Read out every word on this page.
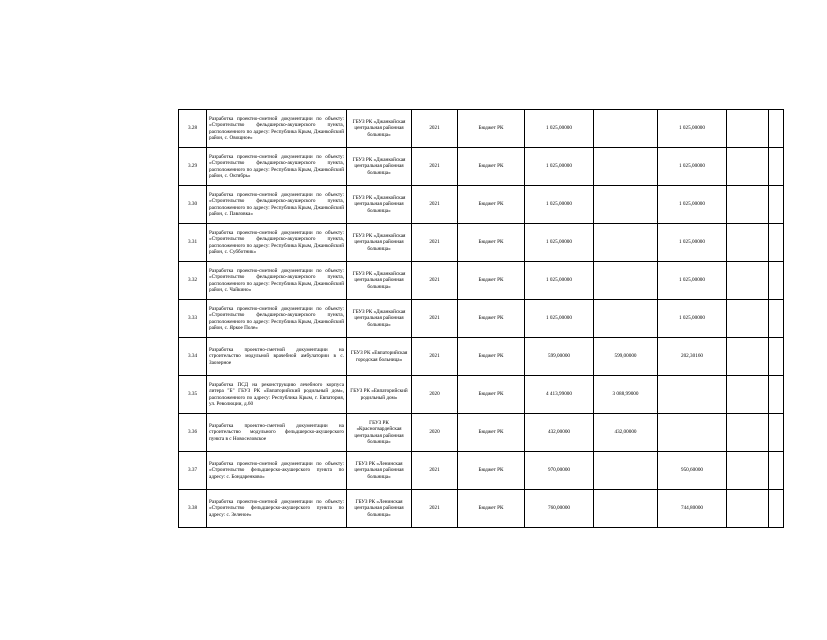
3.28	Разработка проектно-сметной документации по объекту: «Строительство фельдшерско-акушерского пункта, расположенного по адресу: Республика Крым, Джанкойский район, с. Овощное»	ГБУЗ РК «Джанкойская центральная районная больница»	2021	Бюджет РК	1 025,00000		1 025,00000		
3.29	Разработка проектно-сметной документации по объекту: «Строительство фельдшерско-акушерского пункта, расположенного по адресу: Республика Крым, Джанкойский район, с. Октябрь»	ГБУЗ РК «Джанкойская центральная районная больница»	2021	Бюджет РК	1 025,00000		1 025,00000		
3.30	Разработка проектно-сметной документации по объекту: «Строительство фельдшерско-акушерского пункта, расположенного по адресу: Республика Крым, Джанкойский район, с. Павловка»	ГБУЗ РК «Джанкойская центральная районная больница»	2021	Бюджет РК	1 025,00000		1 025,00000		
3.31	Разработка проектно-сметной документации по объекту: «Строительство фельдшерско-акушерского пункта, расположенного по адресу: Республика Крым, Джанкойский район, с. Субботник»	ГБУЗ РК «Джанкойская центральная районная больница»	2021	Бюджет РК	1 025,00000		1 025,00000		
3.32	Разработка проектно-сметной документации по объекту: «Строительство фельдшерско-акушерского пункта, расположенного по адресу: Республика Крым, Джанкойский район, с. Чайкино»	ГБУЗ РК «Джанкойская центральная районная больница»	2021	Бюджет РК	1 025,00000		1 025,00000		
3.33	Разработка проектно-сметной документации по объекту: «Строительство фельдшерско-акушерского пункта, расположенного по адресу: Республика Крым, Джанкойский район, с. Яркое Поле»	ГБУЗ РК «Джанкойская центральная районная больница»	2021	Бюджет РК	1 025,00000		1 025,00000		
3.34	Разработка проектно-сметной документации на строительство модульной врачебной амбулатории в с. Заозерное	ГБУЗ РК «Евпаторийская городская больница»	2021	Бюджет РК	599,00000	599,00000	202,30160		
3.35	Разработка ПСД на реконструкцию лечебного корпуса литера "Б" ГБУЗ РК «Евпаторийский родильный дом», расположенного по адресу: Республика Крым, г. Евпатория, ул. Революции, д.60	ГБУЗ РК «Евпаторийский родильный дом»	2020	Бюджет РК	4 413,99000	3 088,99000			
3.36	Разработка проектно-сметной документации на строительство модульного фельдшерско-акушерского пункта в с Новоселовское	ГБУЗ РК «Красногвардейская центральная районная больница»	2020	Бюджет РК	432,00000	432,00000			
3.37	Разработка проектно-сметной документации по объекту: «Строительство фельдшерско-акушерского пункта по адресу: с. Бондаренково»	ГБУЗ РК «Ленинская центральная районная больница»	2021	Бюджет РК	970,00000		950,60000		
3.38	Разработка проектно-сметной документации по объекту: «Строительство фельдшерско-акушерского пункта по адресу: с. Зеленое»	ГБУЗ РК «Ленинская центральная районная больница»	2021	Бюджет РК	760,00000		744,80000		
